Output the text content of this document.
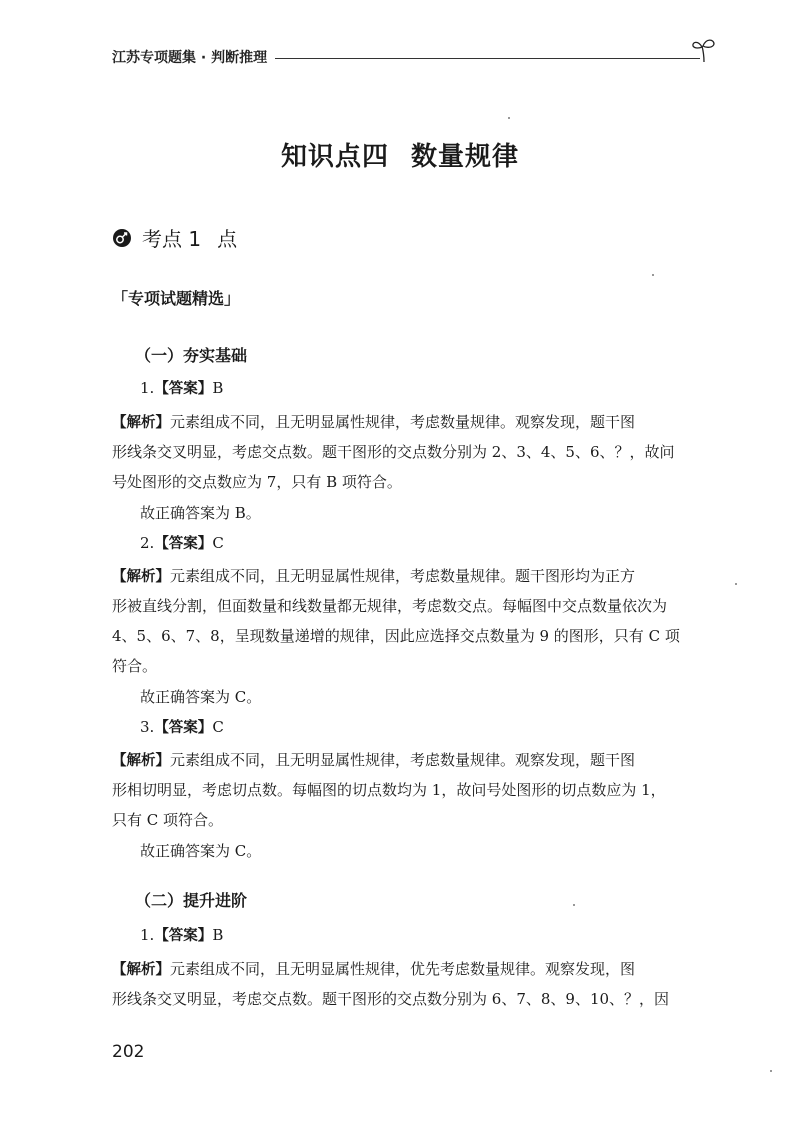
江苏专项题集 · 判断推理
知识点四 数量规律
考点 1 点
「专项试题精选」
（一）夯实基础
1.【答案】B
【解析】元素组成不同，且无明显属性规律，考虑数量规律。观察发现，题干图
形线条交叉明显，考虑交点数。题干图形的交点数分别为 2、3、4、5、6、？，故问
号处图形的交点数应为 7，只有 B 项符合。
故正确答案为 B。
2.【答案】C
【解析】元素组成不同，且无明显属性规律，考虑数量规律。题干图形均为正方
形被直线分割，但面数量和线数量都无规律，考虑数交点。每幅图中交点数量依次为
4、5、6、7、8，呈现数量递增的规律，因此应选择交点数量为 9 的图形，只有 C 项
符合。
故正确答案为 C。
3.【答案】C
【解析】元素组成不同，且无明显属性规律，考虑数量规律。观察发现，题干图
形相切明显，考虑切点数。每幅图的切点数均为 1，故问号处图形的切点数应为 1，
只有 C 项符合。
故正确答案为 C。
（二）提升进阶
1.【答案】B
【解析】元素组成不同，且无明显属性规律，优先考虑数量规律。观察发现，图
形线条交叉明显，考虑交点数。题干图形的交点数分别为 6、7、8、9、10、？，因
202
